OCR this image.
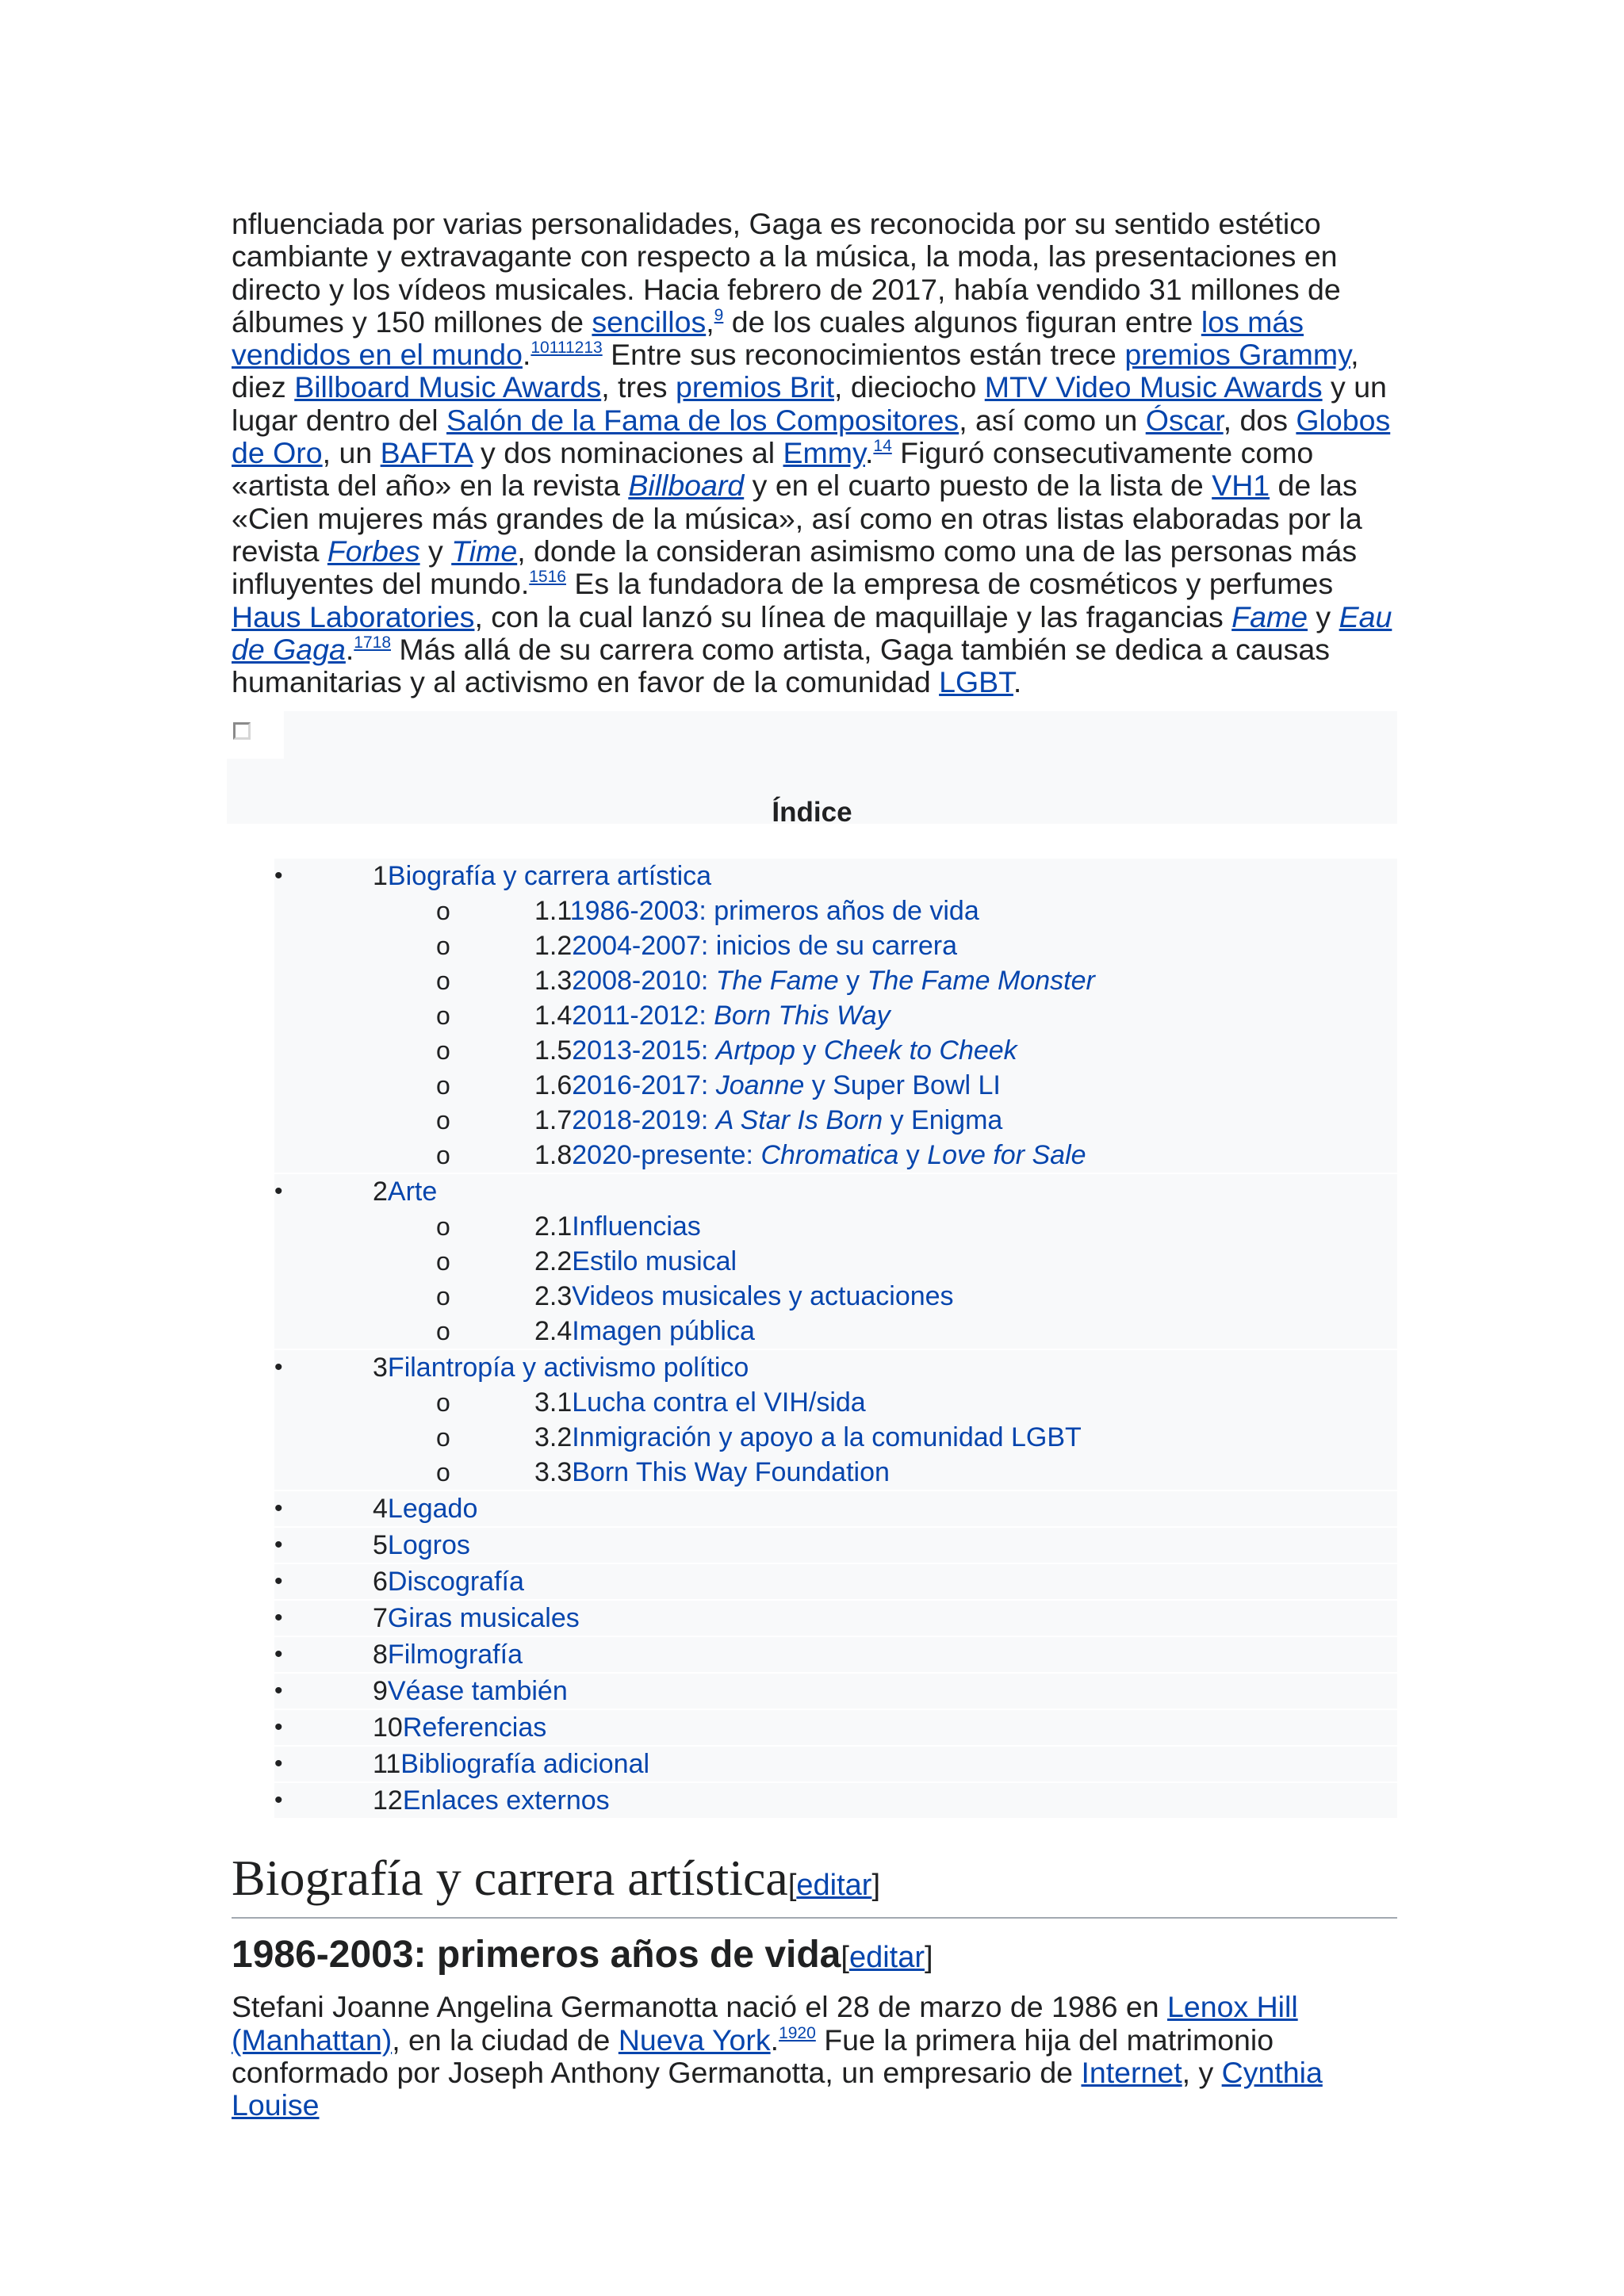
nfluenciada por varias personalidades, Gaga es reconocida por su sentido estético cambiante y extravagante con respecto a la música, la moda, las presentaciones en directo y los vídeos musicales. Hacia febrero de 2017, había vendido 31 millones de álbumes y 150 millones de sencillos,$^9$ de los cuales algunos figuran entre los más vendidos en el mundo.$^{10111213}$ Entre sus reconocimientos están trece premios Grammy, diez Billboard Music Awards, tres premios Brit, dieciocho MTV Video Music Awards y un lugar dentro del Salón de la Fama de los Compositores, así como un Óscar, dos Globos de Oro, un BAFTA y dos nominaciones al Emmy.$^{14}$ Figuró consecutivamente como «artista del año» en la revista Billboard y en el cuarto puesto de la lista de VH1 de las «Cien mujeres más grandes de la música», así como en otras listas elaboradas por la revista Forbes y Time, donde la consideran asimismo como una de las personas más influyentes del mundo.$^{1516}$ Es la fundadora de la empresa de cosméticos y perfumes Haus Laboratories, con la cual lanzó su línea de maquillaje y las fragancias Fame y Eau de Gaga.$^{1718}$ Más allá de su carrera como artista, Gaga también se dedica a causas humanitarias y al activismo en favor de la comunidad LGBT.

Índice
•	1Biografía y carrera artística
o	1.11986-2003: primeros años de vida
o	1.22004-2007: inicios de su carrera
o	1.32008-2010: The Fame y The Fame Monster
o	1.42011-2012: Born This Way
o	1.52013-2015: Artpop y Cheek to Cheek
o	1.62016-2017: Joanne y Super Bowl LI
o	1.72018-2019: A Star Is Born y Enigma
o	1.82020-presente: Chromatica y Love for Sale
•	2Arte
o	2.1Influencias
o	2.2Estilo musical
o	2.3Videos musicales y actuaciones
o	2.4Imagen pública
•	3Filantropía y activismo político
o	3.1Lucha contra el VIH/sida
o	3.2Inmigración y apoyo a la comunidad LGBT
o	3.3Born This Way Foundation
•	4Legado
•	5Logros
•	6Discografía
•	7Giras musicales
•	8Filmografía
•	9Véase también
•	10Referencias
•	11Bibliografía adicional
•	12Enlaces externos
Biografía y carrera artística[editar]
1986-2003: primeros años de vida[editar]

Stefani Joanne Angelina Germanotta nació el 28 de marzo de 1986 en Lenox Hill (Manhattan), en la ciudad de Nueva York.$^{1920}$ Fue la primera hija del matrimonio conformado por Joseph Anthony Germanotta, un empresario de Internet, y Cynthia Louise
